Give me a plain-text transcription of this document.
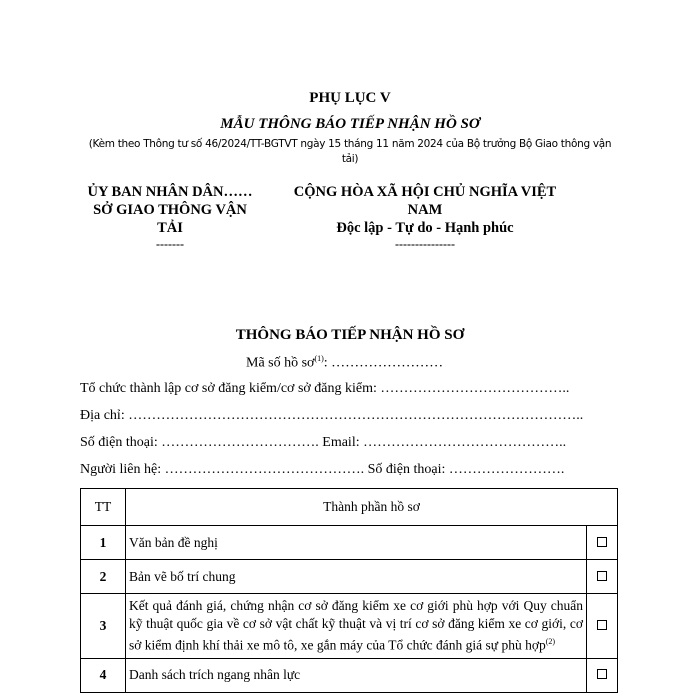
PHỤ LỤC V
MẪU THÔNG BÁO TIẾP NHẬN HỒ SƠ
(Kèm theo Thông tư số 46/2024/TT-BGTVT ngày 15 tháng 11 năm 2024 của Bộ trưởng Bộ Giao thông vận tải)
ỦY BAN NHÂN DÂN……
SỞ GIAO THÔNG VẬN TẢI
-------
CỘNG HÒA XÃ HỘI CHỦ NGHĨA VIỆT NAM
Độc lập - Tự do - Hạnh phúc
---------------
THÔNG BÁO TIẾP NHẬN HỒ SƠ
Mã số hồ $sơ^{(1)}$: ……………………
Tổ chức thành lập cơ sở đăng kiểm/cơ sở đăng kiểm: …………………………………..
Địa chỉ: ……………………………………………………………………………………..
Số điện thoại: ……………………………. Email: ……………………………………..
Người liên hệ: ……………………………………. Số điện thoại: …………………….
TT	Thành phần hồ sơ	
1	Văn bản đề nghị	
2	Bản vẽ bố trí chung	
3	Kết quả đánh giá, chứng nhận cơ sở đăng kiểm xe cơ giới phù hợp với Quy chuẩn kỹ thuật quốc gia về cơ sở vật chất kỹ thuật và vị trí cơ sở đăng kiểm xe cơ giới, cơ sở kiểm định khí thải xe mô tô, xe gắn máy của Tổ chức đánh giá sự phù hợp$^{(2)}$	
4	Danh sách trích ngang nhân lực	
